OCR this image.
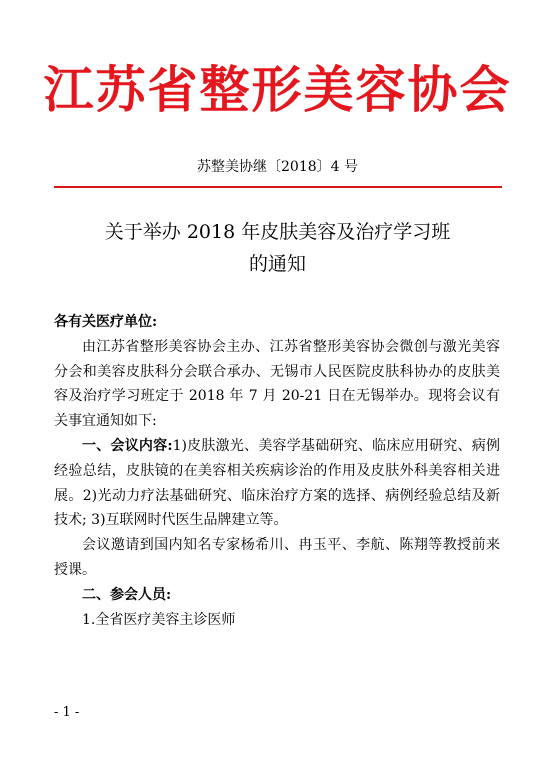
江苏省整形美容协会
苏整美协继〔2018〕4 号
关于举办 2018 年皮肤美容及治疗学习班
的通知

各有关医疗单位:

由江苏省整形美容协会主办、江苏省整形美容协会微创与激光美容分会和美容皮肤科分会联合承办、无锡市人民医院皮肤科协办的皮肤美容及治疗学习班定于 2018 年 7 月 20-21 日在无锡举办。现将会议有关事宜通知如下:

一、会议内容:1)皮肤激光、美容学基础研究、临床应用研究、病例经验总结，皮肤镜的在美容相关疾病诊治的作用及皮肤外科美容相关进展。2)光动力疗法基础研究、临床治疗方案的选择、病例经验总结及新技术; 3)互联网时代医生品牌建立等。

会议邀请到国内知名专家杨希川、冉玉平、李航、陈翔等教授前来授课。

二、参会人员:

1.全省医疗美容主诊医师

- 1 -
